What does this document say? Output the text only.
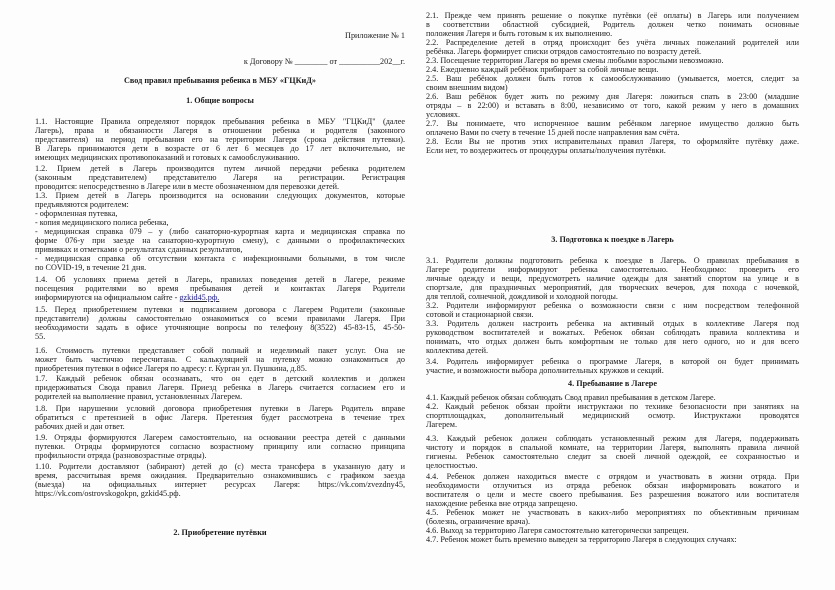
Приложение № 1
к Договору № ________ от __________202__г.
Свод правил пребывания ребенка в МБУ «ГЦКиД»
1. Общие вопросы
1.1. Настоящие Правила определяют порядок пребывания ребенка в МБУ "ГЦКиД" (далее
Лагерь), права и обязанности Лагеря в отношении ребенка и родителя (законного
представителя) на период пребывания его на территории Лагеря (срока действия путевки).
В Лагерь принимаются дети в возрасте от 6 лет 6 месяцев до 17 лет включительно, не
имеющих медицинских противопоказаний и готовых к самообслуживанию.
1.2. Прием детей в Лагерь производится путем личной передачи ребенка родителем
(законным представителем) представителю Лагеря на регистрации. Регистрация
проводится: непосредственно в Лагере или в месте обозначенном для перевозки детей.
1.3. Прием детей в Лагерь производится на основании следующих документов, которые
предъявляются родителем:
- оформленная путевка,
- копия медицинского полиса ребенка,
- медицинская справка 079 – у (либо санаторно-курортная карта и медицинская справка по
форме 076-у при заезде на санаторно-курортную смену), с данными о профилактических
прививках и отметками о результатах сданных результатов,
- медицинская справка об отсутствии контакта с инфекционными больными, в том числе
по COVID-19, в течение 21 дня.
1.4. Об условиях приема детей в Лагерь, правилах поведения детей в Лагере, режиме
посещения родителями во время пребывания детей и контактах Лагеря Родители
информируются на официальном сайте - gzkid45.рф.
1.5. Перед приобретением путевки и подписанием договора с Лагерем Родители (законные
представители) должны самостоятельно ознакомиться со всеми правилами Лагеря. При
необходимости задать в офисе уточняющие вопросы по телефону 8(3522) 45-83-15, 45-50-
55.
1.6. Стоимость путевки представляет собой полный и неделимый пакет услуг. Она не
может быть частично пересчитана. С калькуляцией на путевку можно ознакомиться до
приобретения путевки в офисе Лагеря по адресу: г. Курган ул. Пушкина, д.85.
1.7. Каждый ребенок обязан осознавать, что он едет в детский коллектив и должен
придерживаться Свода правил Лагеря. Приезд ребенка в Лагерь считается согласием его и
родителей на выполнение правил, установленных Лагерем.
1.8. При нарушении условий договора приобретения путевки в Лагерь Родитель вправе
обратиться с претензией в офис Лагеря. Претензия будет рассмотрена в течение трех
рабочих дней и дан ответ.
1.9. Отряды формируются Лагерем самостоятельно, на основании реестра детей с данными
путевки. Отряды формируются согласно возрастному принципу или согласно принципа
профильности отряда (разновозрастные отряды).
1.10. Родители доставляют (забирают) детей до (с) места трансфера в указанную дату и
время, рассчитывая время ожидания. Предварительно ознакомившись с графиком заезда
(выезда) на официальных интернет ресурсах Лагеря: https://vk.com/zvezdny45,
https://vk.com/ostrovskogokpn, gzkid45.рф.
2. Приобретение путёвки
2.1. Прежде чем принять решение о покупке путёвки (её оплаты) в Лагерь или получением
в соответствии областной субсидией, Родитель должен четко понимать основные
положения Лагеря и быть готовым к их выполнению.
2.2. Распределение детей в отряд происходит без учёта личных пожеланий родителей или
ребёнка. Лагерь формирует списки отрядов самостоятельно по возрасту детей.
2.3. Посещение территории Лагеря во время смены любыми взрослыми невозможно.
2.4. Ежедневно каждый ребёнок прибирает за собой личные вещи.
2.5. Ваш ребёнок должен быть готов к самообслуживанию (умывается, моется, следит за
своим внешним видом)
2.6. Ваш ребёнок будет жить по режиму дня Лагеря: ложиться спать в 23:00 (младшие
отряды – в 22:00) и вставать в 8:00, независимо от того, какой режим у него в домашних
условиях.
2.7. Вы понимаете, что испорченное вашим ребёнком лагерное имущество должно быть
оплачено Вами по счету в течение 15 дней после направления вам счёта.
2.8. Если Вы не против этих исправительных правил Лагеря, то оформляйте путёвку даже.
Если нет, то воздержитесь от процедуры оплаты/получения путёвки.
3. Подготовка к поездке в Лагерь
3.1. Родители должны подготовить ребенка к поездке в Лагерь. О правилах пребывания в
Лагере родители информируют ребенка самостоятельно. Необходимо: проверить его
личные одежду и вещи, предусмотреть наличие одежды для занятий спортом на улице и в
спортзале, для праздничных мероприятий, для творческих вечеров, для похода с ночевкой,
для теплой, солнечной, дождливой и холодной погоды.
3.2. Родители информируют ребенка о возможности связи с ним посредством телефонной
сотовой и стационарной связи.
3.3. Родитель должен настроить ребенка на активный отдых в коллективе Лагеря под
руководством воспитателей и вожатых. Ребенок обязан соблюдать правила коллектива и
понимать, что отдых должен быть комфортным не только для него одного, но и для всего
коллектива детей.
3.4. Родитель информирует ребенка о программе Лагеря, в которой он будет принимать
участие, и возможности выбора дополнительных кружков и секций.
4. Пребывание в Лагере
4.1. Каждый ребенок обязан соблюдать Свод правил пребывания в детском Лагере.
4.2. Каждый ребенок обязан пройти инструктажи по технике безопасности при занятиях на
спортплощадках, дополнительный медицинский осмотр. Инструктажи проводятся
Лагерем.
4.3. Каждый ребенок должен соблюдать установленный режим для Лагеря, поддерживать
чистоту и порядок в спальной комнате, на территории Лагеря, выполнять правила личной
гигиены. Ребенок самостоятельно следит за своей личной одеждой, ее сохранностью и
целостностью.
4.4. Ребенок должен находиться вместе с отрядом и участвовать в жизни отряда. При
необходимости отлучиться из отряда ребенок обязан информировать вожатого и
воспитателя о цели и месте своего пребывания. Без разрешения вожатого или воспитателя
нахождение ребенка вне отряда запрещено.
4.5. Ребенок может не участвовать в каких-либо мероприятиях по объективным причинам
(болезнь, ограничение врача).
4.6. Выход за территорию Лагеря самостоятельно категорически запрещен.
4.7. Ребенок может быть временно выведен за территорию Лагеря в следующих случаях:
